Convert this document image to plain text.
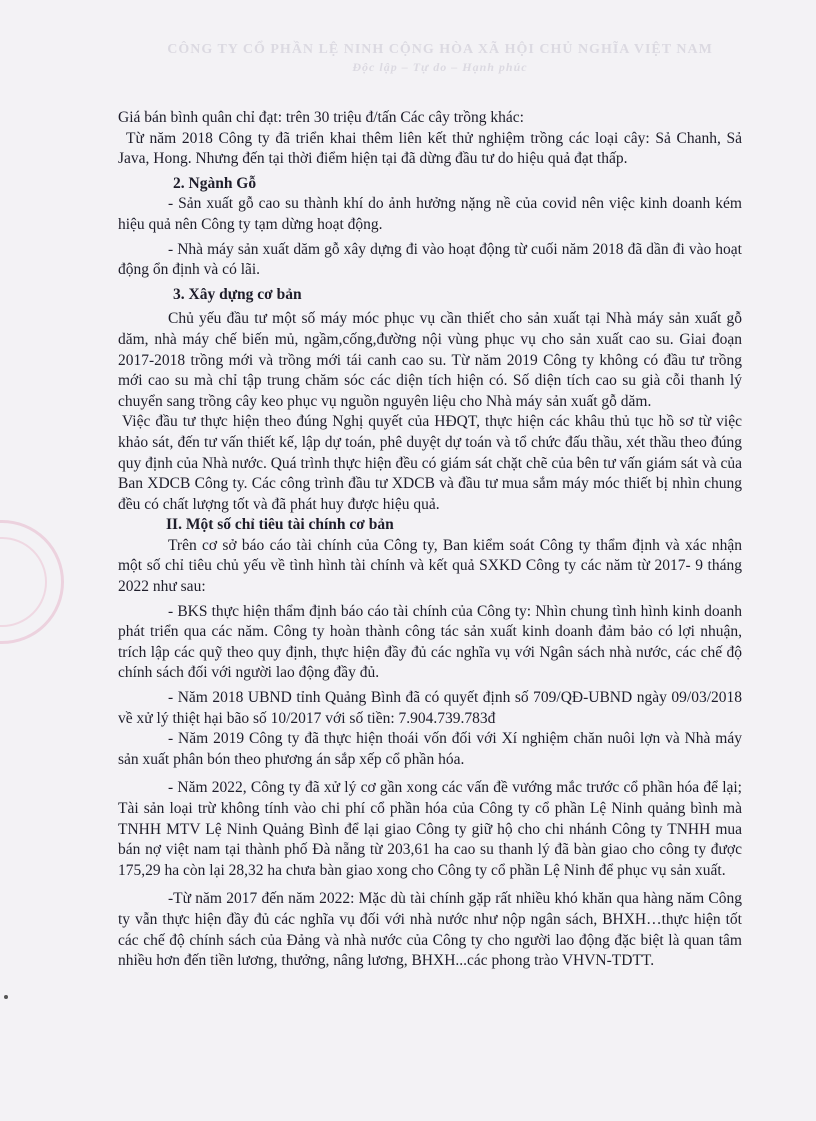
CÔNG TY CỔ PHẦN LỆ NINH CỘNG HÒA XÃ HỘI CHỦ NGHĨA VIỆT NAM
Độc lập – Tự do – Hạnh phúc

Giá bán bình quân chỉ đạt: trên 30 triệu đ/tấn Các cây trồng khác:

Từ năm 2018 Công ty đã triển khai thêm liên kết thử nghiệm trồng các loại cây: Sả Chanh, Sả Java, Hong. Nhưng đến tại thời điểm hiện tại đã dừng đầu tư do hiệu quả đạt thấp.

2. Ngành Gỗ

- Sản xuất gỗ cao su thành khí do ảnh hưởng nặng nề của covid nên việc kinh doanh kém hiệu quả nên Công ty tạm dừng hoạt động.

- Nhà máy sản xuất dăm gỗ xây dựng đi vào hoạt động từ cuối năm 2018 đã dần đi vào hoạt động ổn định và có lãi.

3. Xây dựng cơ bản

Chủ yếu đầu tư một số máy móc phục vụ cần thiết cho sản xuất tại Nhà máy sản xuất gỗ dăm, nhà máy chế biến mủ, ngầm,cống,đường nội vùng phục vụ cho sản xuất cao su. Giai đoạn 2017-2018 trồng mới và trồng mới tái canh cao su. Từ năm 2019 Công ty không có đầu tư trồng mới cao su mà chỉ tập trung chăm sóc các diện tích hiện có. Số diện tích cao su già cỗi thanh lý chuyển sang trồng cây keo phục vụ nguồn nguyên liệu cho Nhà máy sản xuất gỗ dăm.

Việc đầu tư thực hiện theo đúng Nghị quyết của HĐQT, thực hiện các khâu thủ tục hồ sơ từ việc khảo sát, đến tư vấn thiết kế, lập dự toán, phê duyệt dự toán và tổ chức đấu thầu, xét thầu theo đúng quy định của Nhà nước. Quá trình thực hiện đều có giám sát chặt chẽ của bên tư vấn giám sát và của Ban XDCB Công ty. Các công trình đầu tư XDCB và đầu tư mua sắm máy móc thiết bị nhìn chung đều có chất lượng tốt và đã phát huy được hiệu quả.

II. Một số chỉ tiêu tài chính cơ bản

Trên cơ sở báo cáo tài chính của Công ty, Ban kiểm soát Công ty thẩm định và xác nhận một số chỉ tiêu chủ yếu về tình hình tài chính và kết quả SXKD Công ty các năm từ 2017- 9 tháng 2022 như sau:

- BKS thực hiện thẩm định báo cáo tài chính của Công ty: Nhìn chung tình hình kinh doanh phát triển qua các năm. Công ty hoàn thành công tác sản xuất kinh doanh đảm bảo có lợi nhuận, trích lập các quỹ theo quy định, thực hiện đầy đủ các nghĩa vụ với Ngân sách nhà nước, các chế độ chính sách đối với người lao động đầy đủ.

- Năm 2018 UBND tỉnh Quảng Bình đã có quyết định số 709/QĐ-UBND ngày 09/03/2018 về xử lý thiệt hại bão số 10/2017 với số tiền: 7.904.739.783đ

- Năm 2019 Công ty đã thực hiện thoái vốn đối với Xí nghiệm chăn nuôi lợn và Nhà máy sản xuất phân bón theo phương án sắp xếp cổ phần hóa.

- Năm 2022, Công ty đã xử lý cơ gần xong các vấn đề vướng mắc trước cổ phần hóa để lại; Tài sản loại trừ không tính vào chi phí cổ phần hóa của Công ty cổ phần Lệ Ninh quảng bình mà TNHH MTV Lệ Ninh Quảng Bình để lại giao Công ty giữ hộ cho chi nhánh Công ty TNHH mua bán nợ việt nam tại thành phố Đà nẵng từ 203,61 ha cao su thanh lý đã bàn giao cho công ty được 175,29 ha còn lại 28,32 ha chưa bàn giao xong cho Công ty cổ phần Lệ Ninh để phục vụ sản xuất.

-Từ năm 2017 đến năm 2022: Mặc dù tài chính gặp rất nhiều khó khăn qua hàng năm Công ty vẫn thực hiện đầy đủ các nghĩa vụ đối với nhà nước như nộp ngân sách, BHXH…thực hiện tốt các chế độ chính sách của Đảng và nhà nước của Công ty cho người lao động đặc biệt là quan tâm nhiều hơn đến tiền lương, thưởng, nâng lương, BHXH...các phong trào VHVN-TDTT.
